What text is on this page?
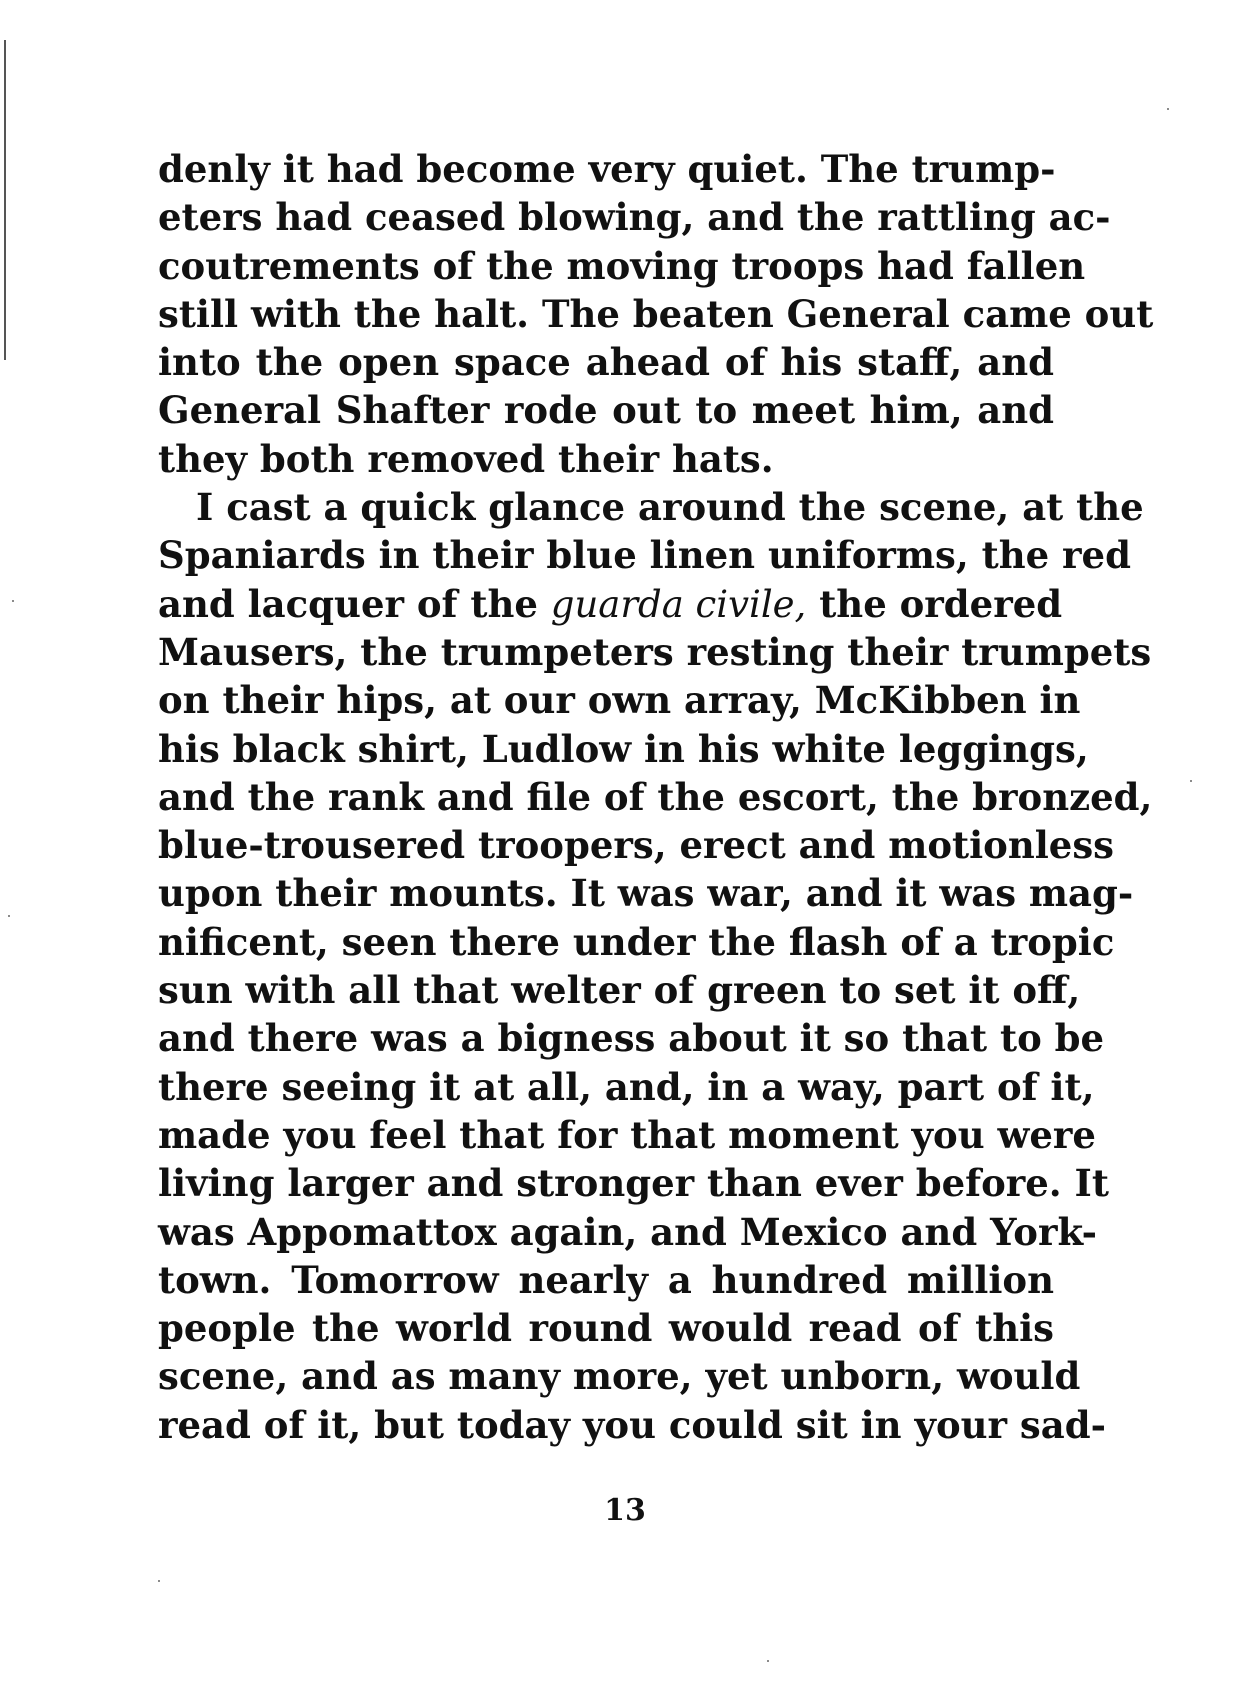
denly it had become very quiet. The trump-
eters had ceased blowing, and the rattling ac-
coutrements of the moving troops had fallen
still with the halt. The beaten General came out
into the open space ahead of his staff, and
General Shafter rode out to meet him, and
they both removed their hats.
I cast a quick glance around the scene, at the
Spaniards in their blue linen uniforms, the red
and lacquer of the guarda civile, the ordered
Mausers, the trumpeters resting their trumpets
on their hips, at our own array, McKibben in
his black shirt, Ludlow in his white leggings,
and the rank and file of the escort, the bronzed,
blue-trousered troopers, erect and motionless
upon their mounts. It was war, and it was mag-
nificent, seen there under the flash of a tropic
sun with all that welter of green to set it off,
and there was a bigness about it so that to be
there seeing it at all, and, in a way, part of it,
made you feel that for that moment you were
living larger and stronger than ever before. It
was Appomattox again, and Mexico and York-
town. Tomorrow nearly a hundred million
people the world round would read of this
scene, and as many more, yet unborn, would
read of it, but today you could sit in your sad-
13
